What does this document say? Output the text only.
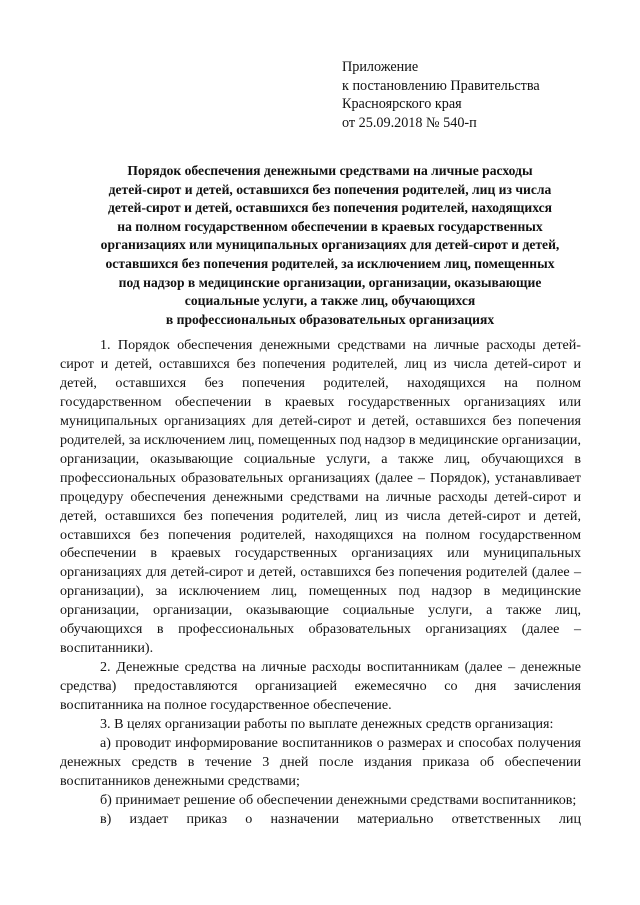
Приложение
к постановлению Правительства
Красноярского края
от 25.09.2018 № 540-п
Порядок обеспечения денежными средствами на личные расходы
детей-сирот и детей, оставшихся без попечения родителей, лиц из числа
детей-сирот и детей, оставшихся без попечения родителей, находящихся
на полном государственном обеспечении в краевых государственных
организациях или муниципальных организациях для детей-сирот и детей,
оставшихся без попечения родителей, за исключением лиц, помещенных
под надзор в медицинские организации, организации, оказывающие
социальные услуги, а также лиц, обучающихся
в профессиональных образовательных организациях

1. Порядок обеспечения денежными средствами на личные расходы детей-сирот и детей, оставшихся без попечения родителей, лиц из числа детей-сирот и детей, оставшихся без попечения родителей, находящихся на полном государственном обеспечении в краевых государственных организациях или муниципальных организациях для детей-сирот и детей, оставшихся без попечения родителей, за исключением лиц, помещенных под надзор в медицинские организации, организации, оказывающие социальные услуги, а также лиц, обучающихся в профессиональных образовательных организациях (далее – Порядок), устанавливает процедуру обеспечения денежными средствами на личные расходы детей-сирот и детей, оставшихся без попечения родителей, лиц из числа детей-сирот и детей, оставшихся без попечения родителей, находящихся на полном государственном обеспечении в краевых государственных организациях или муниципальных организациях для детей-сирот и детей, оставшихся без попечения родителей (далее – организации), за исключением лиц, помещенных под надзор в медицинские организации, организации, оказывающие социальные услуги, а также лиц, обучающихся в профессиональных образовательных организациях (далее – воспитанники).

2. Денежные средства на личные расходы воспитанникам (далее – денежные средства) предоставляются организацией ежемесячно со дня зачисления воспитанника на полное государственное обеспечение.

3. В целях организации работы по выплате денежных средств организация:

а) проводит информирование воспитанников о размерах и способах получения денежных средств в течение 3 дней после издания приказа об обеспечении воспитанников денежными средствами;

б) принимает решение об обеспечении денежными средствами воспитанников;

в) издает приказ о назначении материально ответственных лиц
